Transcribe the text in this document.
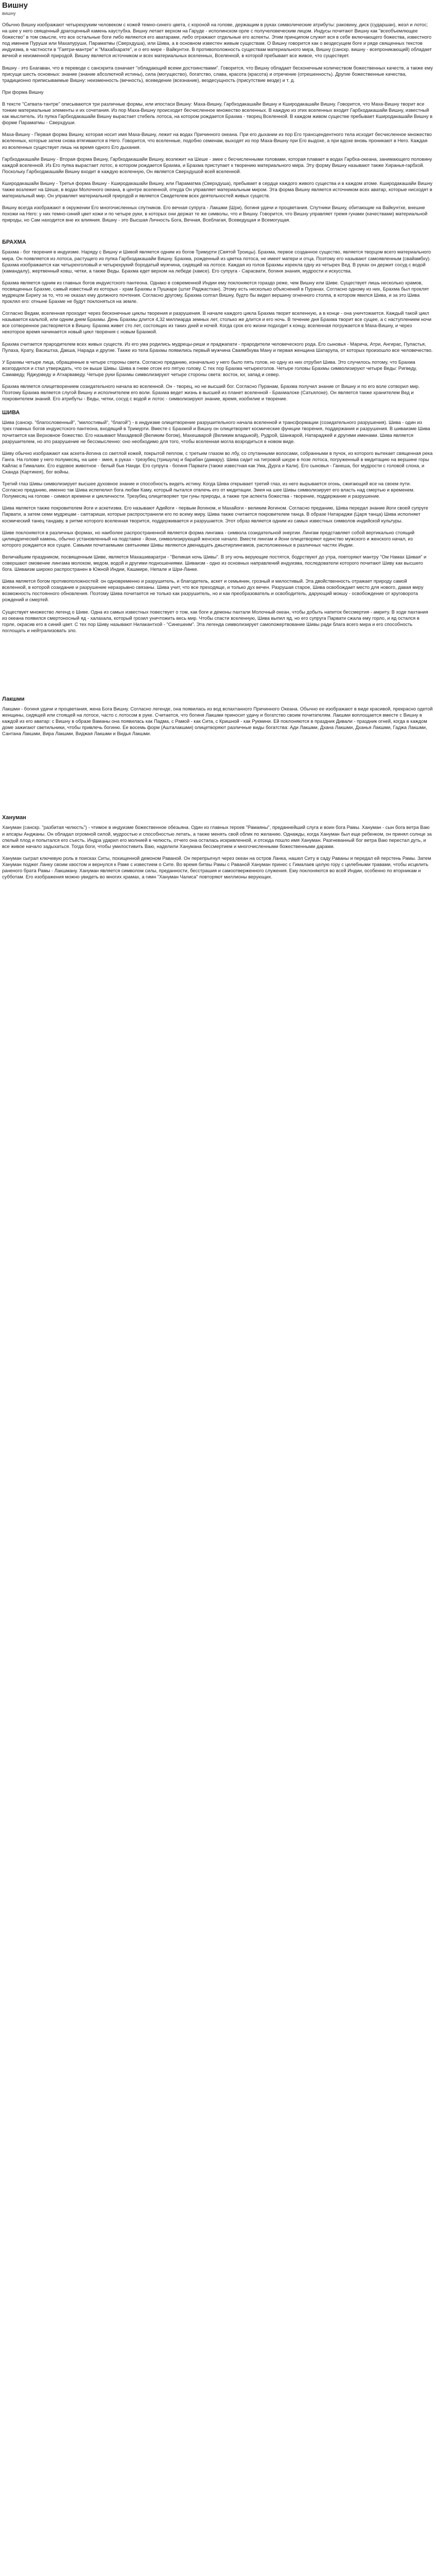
Вишну
вишну

Обычно Вишну изображают четырехруким человеком с кожей темно-синего цвета, с короной на голове, держащим в руках символические атрибуты: раковину, диск (сударшан), жезл и лотос; на шее у него священный драгоценный камень каустубха. Вишну летает верхом на Гаруде - исполинском орле с получеловеческим лицом. Индусы почитают Вишну как "всеобъемлющее божество" в том смысле, что все остальные боги либо являются его аватарами, либо отражают отдельные его аспекты. Этим принципом служит вся в себе включающего божества, известного под именем Пуруши или Махапуруши, Параматмы (Сверхдуша), или Шива, а в основном известен живым существам. О Вишну говорится как о вездесущем боге и ряде священных текстов индуизма, в частности в "Гаятри-мантре" и "Махабхарате", и о его мире - Вайкунтхе. В противоположность существам материального мира, Вишну (санскр. вишну - всепроникающий) обладает вечной и неизменной природой. Вишну является источником и всех материальных вселенных, Вселенной, в которой пребывает все живое, что существует.

Вишну - это Бхагаван, что в переводе с санскрита означает "обладающий всеми достоинствами". Говорится, что Вишну обладает бесконечным количеством божественных качеств, а также ему присущи шесть основных: знание (знание абсолютной истины), сила (могущество), богатство, слава, красота (красота) и отречение (отрешенность). Другие божественные качества, традиционно приписываемые Вишну: неизменность (вечность), всеведение (всезнание), вездесущность (присутствие везде) и т. д.

При форма Вишну

В тексте "Сатвата-тантре" описываются три различные формы, или ипостаси Вишну: Маха-Вишну, Гарбходакашайи Вишну и Кширодакашайи Вишну. Говорится, что Маха-Вишну творит все тонкие материальные элементы и их сочетания. Из пор Маха-Вишну происходит бесчисленное множество вселенных. В каждую из этих вселенных входит Гарбходакашайи Вишну, известный как мыслитель. Из пупка Гарбходакашайи Вишну вырастает стебель лотоса, на котором рождается Брахма - творец Вселенной. В каждом живом существе пребывает Кширодакашайи Вишну в форме Параматмы - Сверхдуши.

Маха-Вишну - Первая форма Вишну, которая носит имя Маха-Вишну, лежит на водах Причинного океана. При его дыхании из пор Его трансцендентного тела исходит бесчисленное множество вселенных, которые затем снова втягиваются в Него. Говорится, что вселенные, подобно семенам, выходят из пор Маха-Вишну при Его выдохе, а при вдохе вновь проникают в Него. Каждая из вселенных существует лишь на время одного Его дыхания.

Гарбходакашайи Вишну - Вторая форма Вишну, Гарбходакашайи Вишну, возлежит на Шеше - змее с бесчисленными головами, которая плавает в водах Гарбха-океана, занимающего половину каждой вселенной. Из Его пупка вырастает лотос, в котором рождается Брахма, и Брахма приступает к творению материального мира. Эту форму Вишну называют также Хиранья-гарбхой. Поскольку Гарбходакашайи Вишну входит в каждую вселенную, Он является Сверхдушой всей вселенной.

Кширодакашайи Вишну - Третья форма Вишну - Кширодакашайи Вишну, или Параматма (Сверхдуша), пребывает в сердце каждого живого существа и в каждом атоме. Кширодакашайи Вишну также возлежит на Шеше, в водах Молочного океана, в центре вселенной, откуда Он управляет материальным миром. Эта форма Вишну является источником всех аватар, которые нисходят в материальный мир. Он управляет материальной природой и является Свидетелем всех деятельностей живых существ.

Вишну всегда изображают в окружении Его многочисленных спутников. Его вечная супруга - Лакшми (Шри), богиня удачи и процветания. Спутники Вишну, обитающие на Вайкунтхе, внешне похожи на Него: у них темно-синий цвет кожи и по четыре руки, в которых они держат те же символы, что и Вишну. Говорится, что Вишну управляет тремя гунами (качествами) материальной природы, но Сам находится вне их влияния. Вишну - это Высшая Личность Бога, Вечная, Всеблагая, Всеведущая и Всемогущая.

БРАХМА

Брахма - бог творения в индуизме. Наряду с Вишну и Шивой является одним из богов Тримурти (Святой Троицы). Брахма, первое созданное существо, является творцом всего материального мира. Он появляется из лотоса, растущего из пупка Гарбходакашайи Вишну. Брахма, рожденный из цветка лотоса, не имеет матери и отца. Поэтому его называют самоявленным (свайамбху). Брахма изображается как четырехголовый и четырехрукий бородатый мужчина, сидящий на лотосе. Каждая из голов Брахмы изрекла одну из четырех Вед. В руках он держит сосуд с водой (камандалу), жертвенный ковш, четки, а также Веды. Брахма едет верхом на лебеде (хамсе). Его супруга - Сарасвати, богиня знания, мудрости и искусства.

Брахма является одним из главных богов индуистского пантеона. Однако в современной Индии ему поклоняются гораздо реже, чем Вишну или Шиве. Существует лишь несколько храмов, посвященных Брахме, самый известный из которых - храм Брахмы в Пушкаре (штат Раджастхан). Этому есть несколько объяснений в Пуранах. Согласно одному из них, Брахма был проклят мудрецом Бхригу за то, что не оказал ему должного почтения. Согласно другому, Брахма солгал Вишну, будто бы видел вершину огненного столпа, в котором явился Шива, и за это Шива проклял его: отныне Брахме не будут поклоняться на земле.

Согласно Ведам, вселенная проходит через бесконечные циклы творения и разрушения. В начале каждого цикла Брахма творит вселенную, а в конце - она уничтожается. Каждый такой цикл называется кальпой, или одним днем Брахмы. День Брахмы длится 4,32 миллиарда земных лет, столько же длится и его ночь. В течение дня Брахма творит все сущее, а с наступлением ночи все сотворенное растворяется в Вишну. Брахма живет сто лет, состоящих из таких дней и ночей. Когда срок его жизни подходит к концу, вселенная погружается в Маха-Вишну, и через некоторое время начинается новый цикл творения с новым Брахмой.

Брахма считается прародителем всех живых существ. Из его ума родились мудрецы-риши и праджапати - прародители человеческого рода. Его сыновья - Марича, Атри, Ангирас, Пуластья, Пулаха, Крату, Васиштха, Дакша, Нарада и другие. Также из тела Брахмы появились первый мужчина Сваямбхува Ману и первая женщина Шатарупа, от которых произошло все человечество.

У Брахмы четыре лица, обращенные в четыре стороны света. Согласно преданию, изначально у него было пять голов, но одну из них отрубил Шива. Это случилось потому, что Брахма возгордился и стал утверждать, что он выше Шивы. Шива в гневе отсек его пятую голову. С тех пор Брахма четырехголов. Четыре головы Брахмы символизируют четыре Веды: Ригведу, Самаведу, Яджурведу и Атхарваведу. Четыре руки Брахмы символизируют четыре стороны света: восток, юг, запад и север.

Брахма является олицетворением созидательного начала во вселенной. Он - творец, но не высший бог. Согласно Пуранам, Брахма получил знание от Вишну и по его воле сотворил мир. Поэтому Брахма является слугой Вишну и исполнителем его воли. Брахма ведет жизнь в высшей из планет вселенной - Брахмалоке (Сатьялоке). Он является также хранителем Вед и покровителем знаний. Его атрибуты - Веды, четки, сосуд с водой и лотос - символизируют знание, время, изобилие и творение.

ШИВА

Шива (санскр. "благословенный", "милостивый", "благой") - в индуизме олицетворение разрушительного начала вселенной и трансформации (созидательного разрушения). Шива - один из трех главных богов индуистского пантеона, входящий в Тримурти. Вместе с Брахмой и Вишну он олицетворяет космические функции творения, поддержания и разрушения. В шиваизме Шива почитается как Верховное божество. Его называют Махадевой (Великим богом), Махешварой (Великим владыкой), Рудрой, Шанкарой, Натараджей и другими именами. Шива является разрушителем, но это разрушение не бессмысленно: оно необходимо для того, чтобы вселенная могла возродиться в новом виде.

Шиву обычно изображают как аскета-йогина со светлой кожей, покрытой пеплом, с третьим глазом во лбу, со спутанными волосами, собранными в пучок, из которого вытекает священная река Ганга. На голове у него полумесяц, на шее - змея, в руках - трезубец (тришула) и барабан (дамару). Шива сидит на тигровой шкуре в позе лотоса, погруженный в медитацию на вершине горы Кайлас в Гималаях. Его ездовое животное - белый бык Нанди. Его супруга - богиня Парвати (также известная как Ума, Дурга и Кали). Его сыновья - Ганеша, бог мудрости с головой слона, и Сканда (Картикея), бог войны.

Третий глаз Шивы символизирует высшее духовное знание и способность видеть истину. Когда Шива открывает третий глаз, из него вырывается огонь, сжигающий все на своем пути. Согласно преданию, именно так Шива испепелил бога любви Каму, который пытался отвлечь его от медитации. Змея на шее Шивы символизирует его власть над смертью и временем. Полумесяц на голове - символ времени и цикличности. Трезубец олицетворяет три гуны природы, а также три аспекта божества - творение, поддержание и разрушение.

Шива является также покровителем йоги и аскетизма. Его называют Адийоги - первым йогином, и Махайоги - великим йогином. Согласно преданию, Шива передал знание йоги своей супруге Парвати, а затем семи мудрецам - саптариши, которые распространили его по всему миру. Шива также считается покровителем танца. В образе Натараджи (Царя танца) Шива исполняет космический танец тандаву, в ритме которого вселенная творится, поддерживается и разрушается. Этот образ является одним из самых известных символов индийской культуры.

Шиве поклоняются в различных формах, но наиболее распространенной является форма лингама - символа созидательной энергии. Лингам представляет собой вертикально стоящий цилиндрический камень, обычно установленный на подставке - йони, символизирующей женское начало. Вместе лингам и йони олицетворяют единство мужского и женского начал, из которого рождается все сущее. Самыми почитаемыми святынями Шивы являются двенадцать джьотирлингамов, расположенных в различных частях Индии.

Величайшим праздником, посвященным Шиве, является Махашиваратри - "Великая ночь Шивы". В эту ночь верующие постятся, бодрствуют до утра, повторяют мантру "Ом Намах Шивая" и совершают омовение лингама молоком, медом, водой и другими подношениями. Шиваизм - одно из основных направлений индуизма, последователи которого почитают Шиву как высшего бога. Шиваизм широко распространен в Южной Индии, Кашмире, Непале и Шри-Ланке.

Шива является богом противоположностей: он одновременно и разрушитель, и благодетель, аскет и семьянин, грозный и милостивый. Эта двойственность отражает природу самой вселенной, в которой созидание и разрушение неразрывно связаны. Шива учит, что все преходяще, и только дух вечен. Разрушая старое, Шива освобождает место для нового, давая миру возможность постоянного обновления. Поэтому Шива почитается не только как разрушитель, но и как преобразователь и освободитель, дарующий мокшу - освобождение от круговорота рождений и смертей.

Существует множество легенд о Шиве. Одна из самых известных повествует о том, как боги и демоны пахтали Молочный океан, чтобы добыть напиток бессмертия - амриту. В ходе пахтания из океана появился смертоносный яд - халахала, который грозил уничтожить весь мир. Чтобы спасти вселенную, Шива выпил яд, но его супруга Парвати сжала ему горло, и яд остался в горле, окрасив его в синий цвет. С тех пор Шиву называют Нилакантхой - "Синешеим". Эта легенда символизирует самопожертвование Шивы ради блага всего мира и его способность поглощать и нейтрализовать зло.

Лакшми

Лакшми - богиня удачи и процветания, жена Бога Вишну. Согласно легенде, она появилась из вод вспахтанного Причинного Океана. Обычно ее изображают в виде красивой, прекрасно одетой женщины, сидящей или стоящей на лотосе, часто с лотосом в руке. Считается, что богиня Лакшми приносит удачу и богатство своим почитателям. Лакшми воплощается вместе с Вишну в каждой из его аватар: с Вишну в образе Ваманы она появилась как Падма, с Рамой - как Сита, с Кришной - как Рукмини. Ей поклоняются в праздник Дивали - праздник огней, когда в каждом доме зажигают светильники, чтобы привлечь богиню. Ее восемь форм (Ашталакшми) олицетворяют различные виды богатства: Ади Лакшми, Дхана Лакшми, Дханья Лакшми, Гаджа Лакшми, Сантана Лакшми, Вира Лакшми, Виджая Лакшми и Видья Лакшми.

Хануман

Хануман (санскр. "разбитая челюсть") - чтимое в индуизме божественное обезьяна. Один из главных героев "Рамаяны", преданнейший слуга и воин бога Рамы. Хануман - сын бога ветра Ваю и апсары Анджаны. Он обладал огромной силой, мудростью и способностью летать, а также менять свой облик по желанию. Однажды, когда Хануман был еще ребенком, он принял солнце за спелый плод и попытался его съесть. Индра ударил его молнией в челюсть, отчего она осталась искривленной, и отсюда пошло имя Хануман. Разгневанный бог ветра Ваю перестал дуть, и все живое начало задыхаться. Тогда боги, чтобы умилостивить Ваю, наделили Ханумана бессмертием и многочисленными божественными дарами.

Хануман сыграл ключевую роль в поисках Ситы, похищенной демоном Раваной. Он перепрыгнул через океан на остров Ланка, нашел Ситу в саду Раваны и передал ей перстень Рамы. Затем Хануман поджег Ланку своим хвостом и вернулся к Раме с известием о Сите. Во время битвы Рамы с Раваной Хануман принес с Гималаев целую гору с целебными травами, чтобы исцелить раненого брата Рамы - Лакшману. Хануман является символом силы, преданности, бесстрашия и самоотверженного служения. Ему поклоняются во всей Индии, особенно по вторникам и субботам. Его изображения можно увидеть во многих храмах, а гимн "Хануман Чалиса" повторяют миллионы верующих.
